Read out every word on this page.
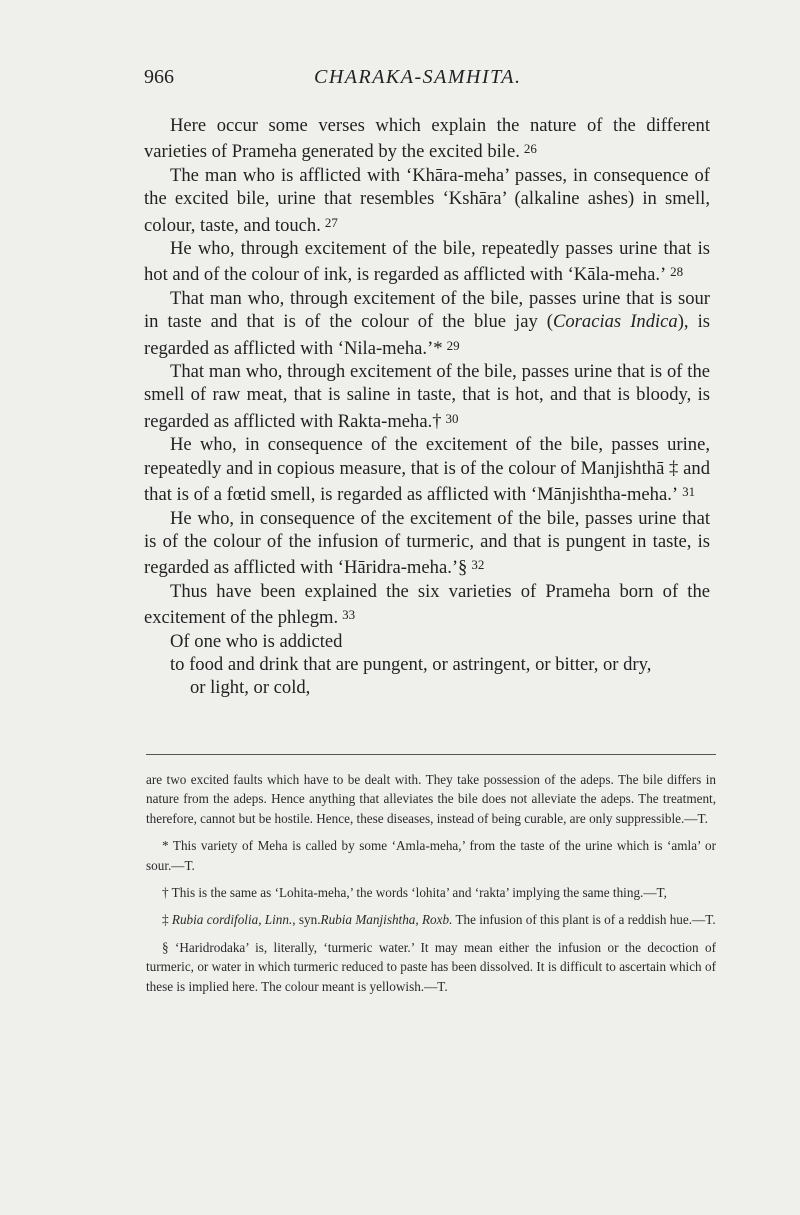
966	CHARAKA-SAMHITA.

Here occur some verses which explain the nature of the different varieties of Prameha generated by the excited bile. $^{26}$

The man who is afflicted with ‘Khāra-meha’ passes, in consequence of the excited bile, urine that resembles ‘Kshāra’ (alkaline ashes) in smell, colour, taste, and touch. $^{27}$

He who, through excitement of the bile, repeatedly passes urine that is hot and of the colour of ink, is regarded as afflicted with ‘Kāla-meha.’ $^{28}$

That man who, through excitement of the bile, passes urine that is sour in taste and that is of the colour of the blue jay (Coracias Indica), is regarded as afflicted with ‘Nila-meha.’* $^{29}$

That man who, through excitement of the bile, passes urine that is of the smell of raw meat, that is saline in taste, that is hot, and that is bloody, is regarded as afflicted with Rakta-meha.† $^{30}$

He who, in consequence of the excitement of the bile, passes urine, repeatedly and in copious measure, that is of the colour of Manjishthā ‡ and that is of a fœtid smell, is regarded as afflicted with ‘Mānjishtha-meha.’ $^{31}$

He who, in consequence of the excitement of the bile, passes urine that is of the colour of the infusion of turmeric, and that is pungent in taste, is regarded as afflicted with ‘Hāridra-meha.’§ $^{32}$

Thus have been explained the six varieties of Prameha born of the excitement of the phlegm. $^{33}$

Of one who is addicted
to food and drink that are pungent, or astringent, or bitter, or dry,
or light, or cold,

are two excited faults which have to be dealt with. They take possession of the adeps. The bile differs in nature from the adeps. Hence anything that alleviates the bile does not alleviate the adeps. The treatment, therefore, cannot but be hostile. Hence, these diseases, instead of being curable, are only suppressible.—T.

* This variety of Meha is called by some ‘Amla-meha,’ from the taste of the urine which is ‘amla’ or sour.—T.

† This is the same as ‘Lohita-meha,’ the words ‘lohita’ and ‘rakta’ implying the same thing.—T,

‡ Rubia cordifolia, Linn., syn.Rubia Manjishtha, Roxb. The infusion of this plant is of a reddish hue.—T.

§ ‘Haridrodaka’ is, literally, ‘turmeric water.’ It may mean either the infusion or the decoction of turmeric, or water in which turmeric reduced to paste has been dissolved. It is difficult to ascertain which of these is implied here. The colour meant is yellowish.—T.
